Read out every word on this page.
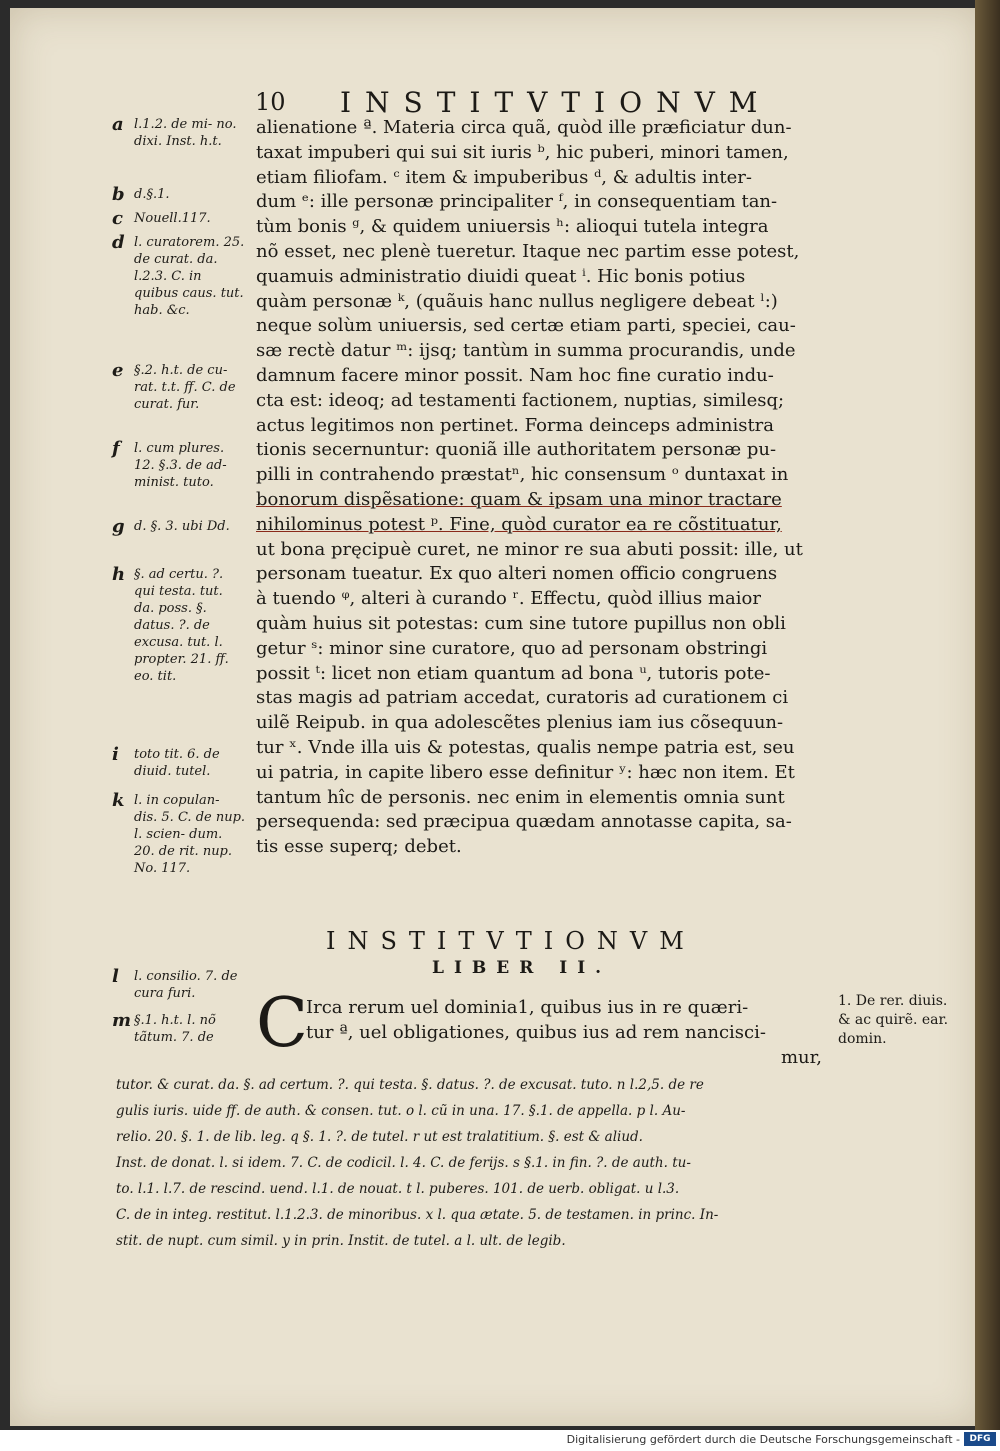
10 INSTITVTIONVM
a l.1.2. de mi- no. dixi. Inst. h.t.
b d.§.1.
c Nouell.117.
d l. curatorem. 25. de curat. da. l.2.3. C. in quibus caus. tut. hab. &c.
e §.2. h.t. de cu- rat. t.t. ff. C. de curat. fur.
f	l. cum plures. 12. §.3. de ad- minist. tuto.
g d. §. 3. ubi Dd.
h §. ad certu. ?. qui testa. tut. da. poss. §. datus. ?. de excusa. tut. l. propter. 21. ff. eo. tit.
i	toto tit. 6. de diuid. tutel.
k l. in copulan- dis. 5. C. de nup. l. scien- dum. 20. de rit. nup. No. 117.

alienatione ª. Materia circa quã, quòd ille præficiatur dun-

taxat impuberi qui sui sit iuris ᵇ, hic puberi, minori tamen,

etiam filiofam. ᶜ item & impuberibus ᵈ, & adultis inter-

dum ᵉ: ille personæ principaliter ᶠ, in consequentiam tan-

tùm bonis ᵍ, & quidem uniuersis ʰ: alioqui tutela integra

nõ esset, nec plenè tueretur. Itaque nec partim esse potest,

quamuis administratio diuidi queat ⁱ. Hic bonis potius

quàm personæ ᵏ, (quãuis hanc nullus negligere debeat ˡ:)

neque solùm uniuersis, sed certæ etiam parti, speciei, cau-

sæ rectè datur ᵐ: ijsq; tantùm in summa procurandis, unde

damnum facere minor possit. Nam hoc fine curatio indu-

cta est: ideoq; ad testamenti factionem, nuptias, similesq;

actus legitimos non pertinet. Forma deinceps administra

tionis secernuntur: quoniã ille authoritatem personæ pu-

pilli in contrahendo præstatⁿ, hic consensum ᵒ duntaxat in

bonorum dispẽsatione: quam & ipsam una minor tractare

nihilominus potest ᵖ. Fine, quòd curator ea re cõstituatur,

ut bona pręcipuè curet, ne minor re sua abuti possit: ille, ut

personam tueatur. Ex quo alteri nomen officio congruens

à tuendo ᵠ, alteri à curando ʳ. Effectu, quòd illius maior

quàm huius sit potestas: cum sine tutore pupillus non obli

getur ˢ: minor sine curatore, quo ad personam obstringi

possit ᵗ: licet non etiam quantum ad bona ᵘ, tutoris pote-

stas magis ad patriam accedat, curatoris ad curationem ci

uilẽ Reipub. in qua adolescẽtes plenius iam ius cõsequun-

tur ˣ. Vnde illa uis & potestas, qualis nempe patria est, seu

ui patria, in capite libero esse definitur ʸ: hæc non item. Et

tantum hîc de personis. nec enim in elementis omnia sunt

persequenda: sed præcipua quædam annotasse capita, sa-

tis esse superq; debet.

INSTITVTIONVM
LIBER II.
l	l. consilio. 7. de cura furi.
m §.1. h.t. l. nõ tãtum. 7. de C
Irca rerum uel dominia1, quibus ius in re quæri-
tur ª, uel obligationes, quibus ius ad rem nancisci-
mur,
1. De rer. diuis. & ac quirẽ. ear. domin.
tutor. & curat. da. §. ad certum. ?. qui testa. §. datus. ?. de excusat. tuto. n l.2,5. de re
gulis iuris. uide ff. de auth. & consen. tut. o l. cũ in una. 17. §.1. de appella. p l. Au-
relio. 20. §. 1. de lib. leg. q §. 1. ?. de tutel. r ut est tralatitium. §. est & aliud.
Inst. de donat. l. si idem. 7. C. de codicil. l. 4. C. de ferijs. s §.1. in fin. ?. de auth. tu-
to. l.1. l.7. de rescind. uend. l.1. de nouat. t l. puberes. 101. de uerb. obligat. u l.3.
C. de in integ. restitut. l.1.2.3. de minoribus. x l. qua ætate. 5. de testamen. in princ. In-
stit. de nupt. cum simil. y in prin. Instit. de tutel. a l. ult. de legib.
Digitalisierung gefördert durch die Deutsche Forschungsgemeinschaft -	DFG
